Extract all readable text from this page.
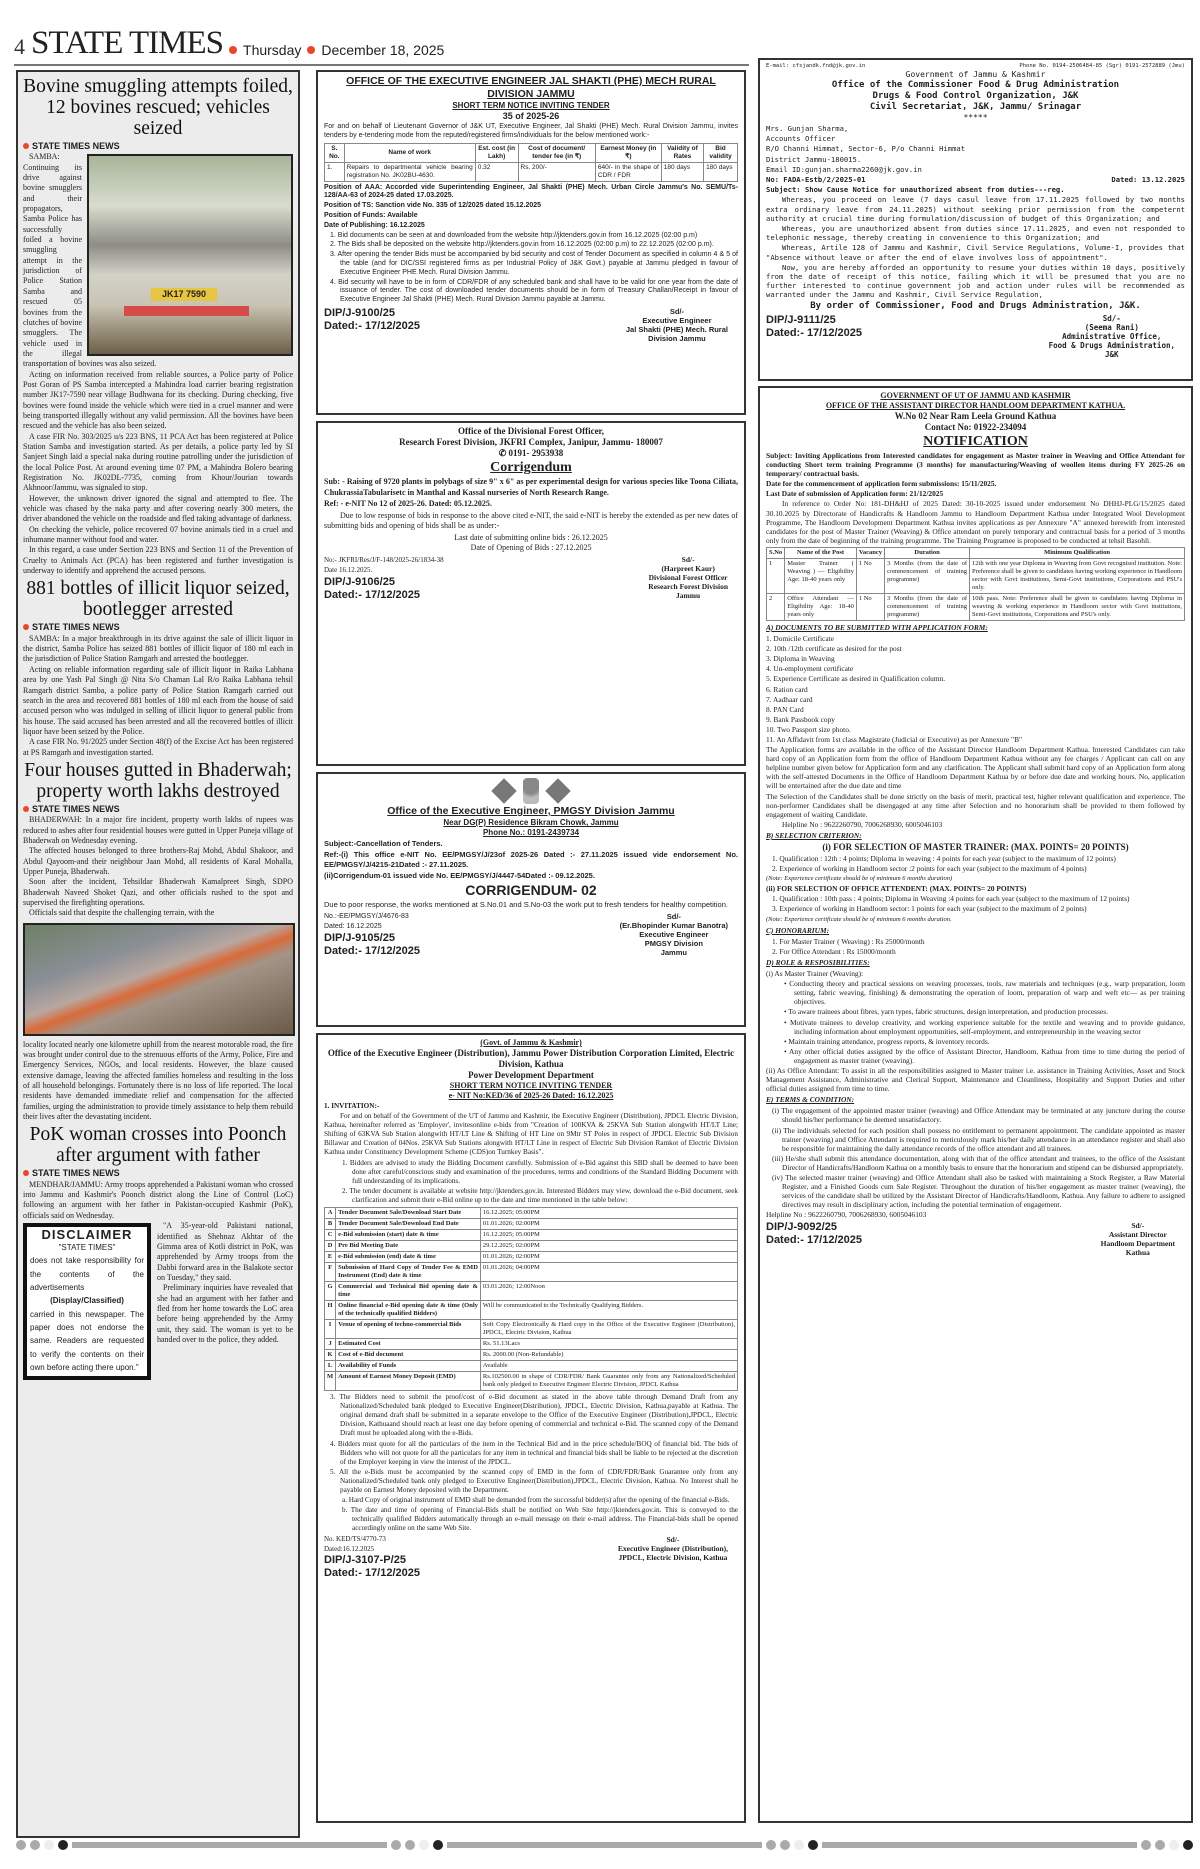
4 STATE TIMES Thursday December 18, 2025
Bovine smuggling attempts foiled, 12 bovines rescued; vehicles seized
STATE TIMES NEWS
JK17 7590

SAMBA: Continuing its drive against bovine smugglers and their propagators, Samba Police has successfully foiled a bovine smuggling attempt in the jurisdiction of Police Station Samba and rescued 05 bovines from the clutches of bovine smugglers. The vehicle used in the illegal transportation of bovines was also seized.

Acting on information received from reliable sources, a Police party of Police Post Goran of PS Samba intercepted a Mahindra load carrier bearing registration number JK17-7590 near village Budhwana for its checking. During checking, five bovines were found inside the vehicle which were tied in a cruel manner and were being transported illegally without any valid permission. All the bovines have been rescued and the vehicle has also been seized.

A case FIR No. 303/2025 u/s 223 BNS, 11 PCA Act has been registered at Police Station Samba and investigation started. As per details, a police party led by SI Sanjeet Singh laid a special naka during routine patrolling under the jurisdiction of the local Police Post. At around evening time 07 PM, a Mahindra Bolero bearing Registration No. JK02DL-7735, coming from Khour/Jourian towards Akhnoor/Jammu, was signaled to stop.

However, the unknown driver ignored the signal and attempted to flee. The vehicle was chased by the naka party and after covering nearly 300 meters, the driver abandoned the vehicle on the roadside and fled taking advantage of darkness.

On checking the vehicle, police recovered 07 bovine animals tied in a cruel and inhumane manner without food and water.

In this regard, a case under Section 223 BNS and Section 11 of the Prevention of Cruelty to Animals Act (PCA) has been registered and further investigation is underway to identify and apprehend the accused persons.

881 bottles of illicit liquor seized, bootlegger arrested
STATE TIMES NEWS

SAMBA: In a major breakthrough in its drive against the sale of illicit liquor in the district, Samba Police has seized 881 bottles of illicit liquor of 180 ml each in the jurisdiction of Police Station Ramgarh and arrested the bootlegger.

Acting on reliable information regarding sale of illicit liquor in Raika Labhana area by one Yash Pal Singh @ Nita S/o Chaman Lal R/o Raika Labhana tehsil Ramgarh district Samba, a police party of Police Station Ramgarh carried out search in the area and recovered 881 bottles of 180 ml each from the house of said accused person who was indulged in selling of illicit liquor to general public from his house. The said accused has been arrested and all the recovered bottles of illicit liquor have been seized by the Police.

A case FIR No. 91/2025 under Section 48(f) of the Excise Act has been registered at PS Ramgarh and investigation started.

Four houses gutted in Bhaderwah; property worth lakhs destroyed
STATE TIMES NEWS

BHADERWAH: In a major fire incident, property worth lakhs of rupees was reduced to ashes after four residential houses were gutted in Upper Puneja village of Bhaderwah on Wednesday evening.

The affected houses belonged to three brothers-Raj Mohd, Abdul Shakoor, and Abdul Qayoom-and their neighbour Jaan Mohd, all residents of Karal Mohalla, Upper Puneja, Bhaderwah.

Soon after the incident, Tehsildar Bhaderwah Kamalpreet Singh, SDPO Bhaderwah Naveed Shoket Qazi, and other officials rushed to the spot and supervised the firefighting operations.

Officials said that despite the challenging terrain, with the

locality located nearly one kilometre uphill from the nearest motorable road, the fire was brought under control due to the strenuous efforts of the Army, Police, Fire and Emergency Services, NGOs, and local residents. However, the blaze caused extensive damage, leaving the affected families homeless and resulting in the loss of all household belongings. Fortunately there is no loss of life reported. The local residents have demanded immediate relief and compensation for the affected families, urging the administration to provide timely assistance to help them rebuild their lives after the devastating incident.

PoK woman crosses into Poonch after argument with father
STATE TIMES NEWS

MENDHAR/JAMMU: Army troops apprehended a Pakistani woman who crossed into Jammu and Kashmir's Poonch district along the Line of Control (LoC) following an argument with her father in Pakistan-occupied Kashmir (PoK), officials said on Wednesday.

DISCLAIMER
"STATE TIMES"
does not take responsibility for the contents of the advertisements
(Display/Classified)
carried in this newspaper. The paper does not endorse the same. Readers are requested to verify the contents on their own before acting there upon."

"A 35-year-old Pakistani national, identified as Shehnaz Akhtar of the Gimma area of Kotli district in PoK, was apprehended by Army troops from the Dabbi forward area in the Balakote sector on Tuesday," they said.

Preliminary inquiries have revealed that she had an argument with her father and fled from her home towards the LoC area before being apprehended by the Army unit, they said. The woman is yet to be handed over to the police, they added.

OFFICE OF THE EXECUTIVE ENGINEER JAL SHAKTI (PHE) MECH RURAL DIVISION JAMMU
SHORT TERM NOTICE INVITING TENDER
35 of 2025-26
For and on behalf of Lieutenant Governor of J&K UT, Executive Engineer, Jal Shakti (PHE) Mech. Rural Division Jammu, invites tenders by e-tendering mode from the reputed/registered firms/individuals for the below mentioned work:-
S. No.	Name of work	Est. cost (in Lakh)	Cost of document/ tender fee (in ₹)	Earnest Money (in ₹)	Validity of Rates	Bid validity
1.	Repairs to departmental vehicle bearing registration No. JK02BU-4630.	0.32	Rs. 200/-	640/- in the shape of CDR / FDR	180 days	180 days
Position of AAA: Accorded vide Superintending Engineer, Jal Shakti (PHE) Mech. Urban Circle Jammu's No. SEMU/Ts-128/AA-63 of 2024-25 dated 17.03.2025.
Position of TS: Sanction vide No. 335 of 12/2025 dated 15.12.2025
Position of Funds: Available
Date of Publishing: 16.12.2025
1. Bid documents can be seen at and downloaded from the website http://jktenders.gov.in from 16.12.2025 (02:00 p.m)
2. The Bids shall be deposited on the website http://jktenders.gov.in from 16.12.2025 (02:00 p.m) to 22.12.2025 (02:00 p.m).
3. After opening the tender Bids must be accompanied by bid security and cost of Tender Document as specified in column 4 & 5 of the table (and for DIC/SSI registered firms as per Industrial Policy of J&K Govt.) payable at Jammu pledged in favour of Executive Engineer PHE Mech. Rural Division Jammu.
4. Bid security will have to be in form of CDR/FDR of any scheduled bank and shall have to be valid for one year from the date of issuance of tender. The cost of downloaded tender documents should be in form of Treasury Challan/Receipt in favour of Executive Engineer Jal Shakti (PHE) Mech. Rural Division Jammu payable at Jammu.
DIP/J-9100/25
Dated:- 17/12/2025
Sd/-
Executive Engineer
Jal Shakti (PHE) Mech. Rural
Division Jammu
Office of the Divisional Forest Officer,
Research Forest Division, JKFRI Complex, Janipur, Jammu- 180007
✆ 0191- 2953938
Corrigendum
Sub: - Raising of 9720 plants in polybags of size 9" x 6" as per experimental design for various species like Toona Ciliata, ChukrassiaTabularisetc in Manthal and Kassal nurseries of North Research Range.
Ref: - e-NIT No 12 of 2025-26. Dated: 05.12.2025.
Due to low response of bids in response to the above cited e-NIT, the said e-NIT is hereby the extended as per new dates of submitting bids and opening of bids shall be as under:-
Last date of submitting online bids : 26.12.2025
Date of Opening of Bids : 27.12.2025
No:- JKFRI/Res/J/F-148/2025-26/1834-38
Date 16.12.2025.
DIP/J-9106/25
Dated:- 17/12/2025
Sd/-
(Harpreet Kaur)
Divisional Forest Officer
Research Forest Division
Jammu
Office of the Executive Engineer, PMGSY Division Jammu
Near DG(P) Residence Bikram Chowk, Jammu
Phone No.: 0191-2439734
Subject:-Cancellation of Tenders.
Ref:-(i) This office e-NIT No. EE/PMGSY/J/23of 2025-26 Dated :- 27.11.2025 issued vide endorsement No. EE/PMGSY/J/4215-21Dated :- 27.11.2025.
(ii)Corrigendum-01 issued vide No. EE/PMGSY/J/4447-54Dated :- 09.12.2025.
CORRIGENDUM- 02
Due to poor response, the works mentioned at S.No.01 and S.No-03 the work put to fresh tenders for healthy competition.
No.:-EE/PMGSY/J/4676-83
Dated: 16.12.2025
DIP/J-9105/25
Dated:- 17/12/2025
Sd/-
(Er.Bhopinder Kumar Banotra)
Executive Engineer
PMGSY Division
Jammu
(Govt. of Jammu & Kashmir)
Office of the Executive Engineer (Distribution), Jammu Power Distribution Corporation Limited, Electric Division, Kathua
Power Development Department
SHORT TERM NOTICE INVITING TENDER
e- NIT No:KED/36 of 2025-26 Dated: 16.12.2025
1. INVITATION:-
For and on behalf of the Government of the UT of Jammu and Kashmir, the Executive Engineer (Distribution), JPDCL Electric Division, Kathua, hereinafter referred as 'Employer', invitesonline e-bids from "Creation of 100KVA & 25KVA Sub Station alongwith HT/LT Line; Shifting of 63KVA Sub Station alongwith HT/LT Line & Shifting of HT Line on 9Mtr ST Poles in respect of JPDCL Electric Sub Division Billawar and Creation of 04Nos. 25KVA Sub Stations alongwith HT/LT Line in respect of Electric Sub Division Ramkot of Electric Division Kathua under Constituency Development Scheme (CDS)on Turnkey Basis".
1. Bidders are advised to study the Bidding Document carefully. Submission of e-Bid against this SBD shall be deemed to have been done after careful/conscious study and examination of the procedures, terms and conditions of the Standard Bidding Document with full understanding of its implications.
2. The tender document is available at website http://jktenders.gov.in. Interested Bidders may view, download the e-Bid document, seek clarification and submit their e-Bid online up to the date and time mentioned in the table below:
A	Tender Document Sale/Download Start Date	16.12.2025; 05:00PM
B	Tender Document Sale/Download End Date	01.01.2026; 02:00PM
C	e-Bid submission (start) date & time	16.12.2025; 05:00PM
D	Pre Bid Meeting Date	29.12.2025; 02:00PM
E	e-Bid submission (end) date & time	01.01.2026; 02:00PM
F	Submission of Hard Copy of Tender Fee & EMD Instrument (End) date & time	01.01.2026; 04:00PM
G	Commercial and Technical Bid opening date & time	03.01.2026; 12:00Noon
H	Online financial e-Bid opening date & time (Only of the technically qualified Bidders)	Will be communicated to the Technically Qualifying Bidders.
I	Venue of opening of techno-commercial Bids	Soft Copy Electronically & Hard copy in the Office of the Executive Engineer (Distribution), JPDCL, Electric Division, Kathua
J	Estimated Cost	Rs. 51.13Lacs
K	Cost of e-Bid document	Rs. 2000.00 (Non-Refundable)
L	Availability of Funds	Available
M	Amount of Earnest Money Deposit (EMD)	Rs.102500.00 in shape of CDR/FDR/ Bank Guarantee only from any Nationalized/Scheduled bank only pledged to Executive Engineer Electric Division, JPDCL Kathua
3. The Bidders need to submit the proof/cost of e-Bid document as stated in the above table through Demand Draft from any Nationalized/Scheduled bank pledged to Executive Engineer(Distribution), JPDCL, Electric Division, Kathua,payable at Kathua. The original demand draft shall be submitted in a separate envelope to the Office of the Executive Engineer (Distribution),JPDCL, Electric Division, Kathuaand should reach at least one day before opening of commercial and technical e-Bid. The scanned copy of the Demand Draft must be uploaded along with the e-Bids.
4. Bidders must quote for all the particulars of the item in the Technical Bid and in the price schedule/BOQ of financial bid. The bids of Bidders who will not quote for all the particulars for any item in technical and financial bids shall be liable to be rejected at the discretion of the Employer keeping in view the interest of the JPDCL.
5. All the e-Bids must be accompanied by the scanned copy of EMD in the form of CDR/FDR/Bank Guarantee only from any Nationalized/Scheduled bank only pledged to Executive Engineer(Distribution),JPDCL, Electric Division, Kathua. No Interest shall be payable on Earnest Money deposited with the Department.
a. Hard Copy of original instrument of EMD shall be demanded from the successful bidder(s) after the opening of the financial e-Bids.
b. The date and time of opening of Financial-Bids shall be notified on Web Site http://jktenders.gov.in. This is conveyed to the technically qualified Bidders automatically through an e-mail message on their e-mail address. The Financial-bids shall be opened accordingly online on the same Web Site.
No. KED/TS/4770-73
Dated:16.12.2025
DIP/J-3107-P/25
Dated:- 17/12/2025
Sd/-
Executive Engineer (Distribution),
JPDCL, Electric Division, Kathua
E-mail: cfsjandk.fnd@jk.gov.in	Phone No. 0194-2506484-85 (Sgr) 0191-2572889 (Jmu)
Government of Jammu & Kashmir
Office of the Commissioner Food & Drug Administration
Drugs & Food Control Organization, J&K
Civil Secretariat, J&K, Jammu/ Srinagar
*****
Mrs. Gunjan Sharma,
Accounts Officer
R/O Channi Himmat, Sector-6, P/o Channi Himmat
District Jammu-180015.
Email ID:gunjan.sharma2260@jk.gov.in
No: FADA-Estb/2/2025-01	Dated: 13.12.2025
Subject: Show Cause Notice for unauthorized absent from duties---reg.
Whereas, you proceed on leave (7 days casul leave from 17.11.2025 followed by two months extra ordinary leave from 24.11.2025) without seeking prior permission from the competernt authority at crucial time during formulation/discussion of budget of this Organization; and
Whereas, you are unauthorized absent from duties since 17.11.2025, and even not responded to telephonic message, thereby creating in convenience to this Organization; and
Whereas, Artile 128 of Jammu and Kashmir, Civil Service Regulations, Volume-I, provides that "Absence without leave or after the end of elave involves loss of appointment".
Now, you are hereby afforded an opportunity to resume your duties within 10 days, positively from the date of receipt of this notice, failing which it will be presumed that you are no further interested to continue government job and action under rules will be recommended as warranted under the Jammu and Kashmir, Civil Service Regulation,
By order of Commissioner, Food and Drugs Administration, J&K.
DIP/J-9111/25
Dated:- 17/12/2025
Sd/-
(Seema Rani)
Administrative Office,
Food & Drugs Administration,
J&K
GOVERNMENT OF UT OF JAMMU AND KASHMIR
OFFICE OF THE ASSISTANT DIRECTOR HANDLOOM DEPARTMENT KATHUA.
W.No 02 Near Ram Leela Ground Kathua
Contact No: 01922-234094
NOTIFICATION
Subject: Inviting Applications from Interested candidates for engagement as Master trainer in Weaving and Office Attendant for conducting Short term training Programme (3 months) for manufacturing/Weaving of woollen items during FY 2025-26 on temporary/ contractual basis.
Date for the commencement of application form submissions: 15/11/2025.
Last Date of submission of Application form: 21/12/2025
In reference to Order No: 181-DH&HJ of 2025 Dated: 30-10-2025 issued under endorsement No DHHJ-PLG/15/2025 dated 30.10.2025 by Directorate of Handicrafts & Handloom Jammu to Handloom Department Kathua under Integrated Wool Development Programme, The Handloom Development Department Kathua invites applications as per Annexure "A" annexed herewith from interested candidates for the post of Master Trainer (Weaving) & Office attendant on purely temporary and contractual basis for a period of 3 months only from the date of beginning of the training programme. The Training Programee is proposed to be conducted at tehsil Basohli.
S.No	Name of the Post	Vacancy	Duration	Minimum Qualification
1	Master Trainer ( Weaving ) — Eligibility Age: 18-40 years only	1 No	3 Months (from the date of commencement of training programme)	12th with one year Diploma in Weaving from Govt recognised institution. Note: Preference shall be given to candidates having working experience in Handloom sector with Govt institutions, Semi-Govt institutions, Corporations and PSU's only.
2	Office Attendant — Eligibility Age: 18-40 years only	1 No	3 Months (from the date of commencement of training programme)	10th pass. Note: Preference shall be given to candidates having Diploma in weaving & working experience in Handloom sector with Govt institutions, Semi-Govt institutions, Corporations and PSU's only.
A) DOCUMENTS TO BE SUBMITTED WITH APPLICATION FORM:
1. Domicile Certificate
2. 10th /12th certificate as desired for the post
3. Diploma in Weaving
4. Un-employment certificate
5. Experience Certificate as desired in Qualification column.
6. Ration card
7. Aadhaar card
8. PAN Card
9. Bank Passbook copy
10. Two Passport size photo.
11. An Affidavit from 1st class Magistrate (Judicial or Executive) as per Annexure "B"
The Application forms are available in the office of the Assistant Director Handloom Department Kathua. Interested Candidates can take hard copy of an Application form from the office of Handloom Department Kathua without any fee charges / Applicant can call on any helpline number given below for Application form and any clarification. The Applicant shall submit hard copy of an Application form along with the self-attested Documents in the Office of Handloom Department Kathua by or before due date and working hours. No, application will be entertained after the due date and time
The Selection of the Candidates shall be done strictly on the basis of merit, practical test, higher relevant qualification and experience. The non-performer Candidates shall be disengaged at any time after Selection and no honorarium shall be provided to them followed by engagement of waiting Candidate.
Helpline No : 9622260790, 7006268930, 6005046103
B) SELECTION CRITERION:
(i) FOR SELECTION OF MASTER TRAINER: (MAX. POINTS= 20 POINTS)
1. Qualification : 12th : 4 points; Diploma in weaving : 4 points for each year (subject to the maximum of 12 points)
2. Experience of working in Handloom sector :2 points for each year (subject to the maximum of 4 points)
(Note: Experience certificate should be of minimum 6 months duration)
(ii) FOR SELECTION OF OFFICE ATTENDENT: (MAX. POINTS= 20 POINTS)
1. Qualification : 10th pass : 4 points; Diploma in Weaving :4 points for each year (subject to the maximum of 12 points)
3. Experience of working in Handloom sector: 1 points for each year (subject to the maximum of 2 points)
(Note: Experience certificate should be of minimum 6 months duration.
C) HONORARIUM:
1. For Master Trainer ( Weaving) : Rs 25000/month
2. For Office Attendant : Rs 15000/month
D) ROLE & RESPOSIBILITIES:
(i) As Master Trainer (Weaving):
• Conducting theory and practical sessions on weaving processes, tools, raw materials and techniques (e.g., warp preparation, loom setting, fabric weaving, finishing) & demonstrating the operation of loom, preparation of warp and weft etc— as per training objectives.
• To aware trainees about fibres, yarn types, fabric structures, design interpretation, and production processes.
• Motivate trainees to develop creativity, and working experience suitable for the textile and weaving and to provide guidance, including information about employment opportunities, self-employment, and entrepreneurship in the weaving sector
• Maintain training attendance, progress reports, & inventory records.
• Any other official duties assigned by the office of Assistant Director, Handloom, Kathua from time to time during the period of engagement as master trainer (weaving).
(ii) As Office Attendant: To assist in all the responsibilities assigned to Master trainer i.e. assistance in Training Activities, Asset and Stock Management Assistance, Administrative and Clerical Support, Maintenance and Cleanliness, Hospitality and Support Duties and other official duties assigned from time to time.
E) TERMS & CONDITION:
(i) The engagement of the appointed master trainer (weaving) and Office Attendant may be terminated at any juncture during the course should his/her performance be deemed unsatisfactory.
(ii) The individuals selected for each position shall possess no entitlement to permanent appointment. The candidate appointed as master trainer (weaving) and Office Attendant is required to meticulously mark his/her daily attendance in an attendance register and shall also be responsible for maintaining the daily attendance records of the office attendant and all trainees.
(iii) He/she shall submit this attendance documentation, along with that of the office attendant and trainees, to the office of the Assistant Director of Handicrafts/Handloom Kathua on a monthly basis to ensure that the honorarium and stipend can be disbursed appropriately.
(iv) The selected master trainer (weaving) and Office Attendant shall also be tasked with maintaining a Stock Register, a Raw Material Register, and a Finished Goods cum Sale Register. Throughout the duration of his/her engagement as master trainer (weaving), the services of the candidate shall be utilized by the Assistant Director of Handicrafts/Handloom, Kathua. Any failure to adhere to assigned directives may result in disciplinary action, including the potential termination of engagement.
Helpline No : 9622260790, 7006268930, 6005046103
DIP/J-9092/25
Dated:- 17/12/2025
Sd/-
Assistant Director
Handloom Department
Kathua
